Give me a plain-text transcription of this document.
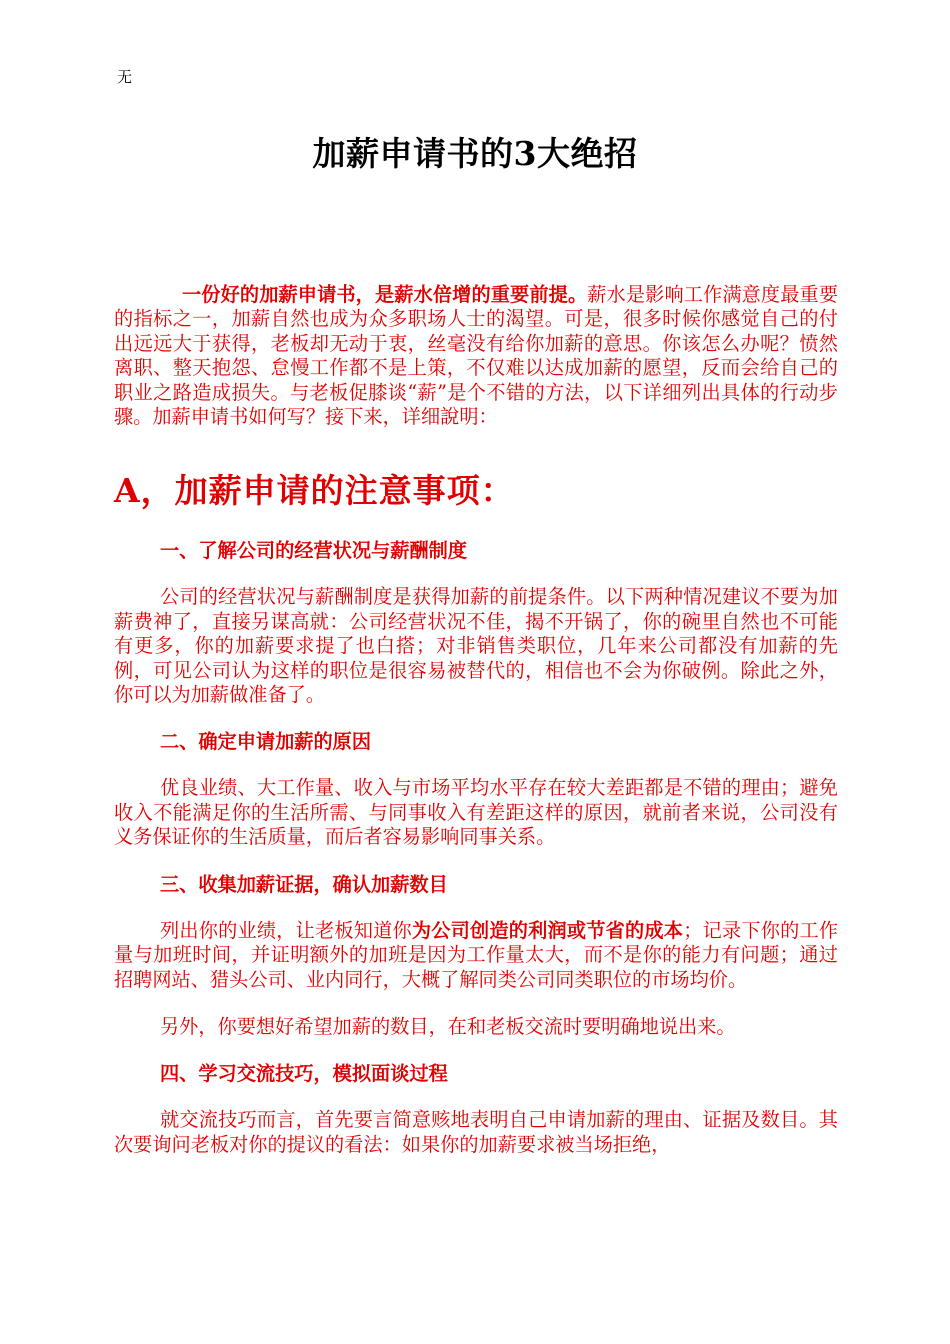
无
加薪申请书的3大绝招

一份好的加薪申请书，是薪水倍增的重要前提。薪水是影响工作满意度最重要的指标之一，加薪自然也成为众多职场人士的渴望。可是，很多时候你感觉自己的付出远远大于获得，老板却无动于衷，丝毫没有给你加薪的意思。你该怎么办呢？愤然离职、整天抱怨、怠慢工作都不是上策，不仅难以达成加薪的愿望，反而会给自己的职业之路造成损失。与老板促膝谈“薪”是个不错的方法，以下详细列出具体的行动步骤。加薪申请书如何写？接下来，详细說明：

A，加薪申请的注意事项：
一、了解公司的经营状况与薪酬制度

公司的经营状况与薪酬制度是获得加薪的前提条件。以下两种情况建议不要为加薪费神了，直接另谋高就：公司经营状况不佳，揭不开锅了，你的碗里自然也不可能有更多，你的加薪要求提了也白搭；对非销售类职位，几年来公司都没有加薪的先例，可见公司认为这样的职位是很容易被替代的，相信也不会为你破例。除此之外，你可以为加薪做准备了。

二、确定申请加薪的原因

优良业绩、大工作量、收入与市场平均水平存在较大差距都是不错的理由；避免收入不能满足你的生活所需、与同事收入有差距这样的原因，就前者来说，公司没有义务保证你的生活质量，而后者容易影响同事关系。

三、收集加薪证据，确认加薪数目

列出你的业绩，让老板知道你为公司创造的利润或节省的成本；记录下你的工作量与加班时间，并证明额外的加班是因为工作量太大，而不是你的能力有问题；通过招聘网站、猎头公司、业内同行，大概了解同类公司同类职位的市场均价。

另外，你要想好希望加薪的数目，在和老板交流时要明确地说出来。

四、学习交流技巧，模拟面谈过程

就交流技巧而言，首先要言简意赅地表明自己申请加薪的理由、证据及数目。其次要询问老板对你的提议的看法：如果你的加薪要求被当场拒绝，
